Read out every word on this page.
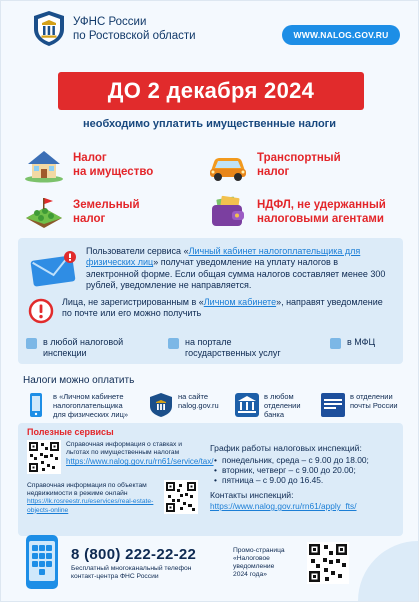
УФНС России
по Ростовской области	WWW.NALOG.GOV.RU
ДО 2 декабря 2024
необходимо уплатить имущественные налоги
Налог
на имущество
Транспортный
налог
Земельный
налог
НДФЛ, не удержанный
налоговыми агентами
Пользователи сервиса «Личный кабинет налогоплательщика для физических лиц» получат уведомление на уплату налогов в электронной форме. Если общая сумма налогов составляет менее 300 рублей, уведомление не направляется.
Лица, не зарегистрированным в «Личном кабинете», направят уведомление по почте или его можно получить
в любой налоговой
инспекции
на портале
государственных услуг
в МФЦ
Налоги можно оплатить
в «Личном кабинете
налогоплательщика
для физических лиц»
на сайте
nalog.gov.ru
в любом
отделении
банка
в отделении
почты России
Полезные сервисы
Справочная информация о ставках и льготах по имущественным налогам
https://www.nalog.gov.ru/rn61/service/tax/
Справочная информация по объектам недвижимости в режиме онлайн
https://lk.rosreestr.ru/eservices/real-estate-objects-online
График работы налоговых инспекций:
• понедельник, среда – с 9.00 до 18.00;
• вторник, четверг – с 9.00 до 20.00;
• пятница – с 9.00 до 16.45.
Контакты инспекций:
https://www.nalog.gov.ru/rn61/apply_fts/
8 (800) 222-22-22
Бесплатный многоканальный телефон
контакт-центра ФНС России
Промо-страница
«Налоговое
уведомление
2024 года»
